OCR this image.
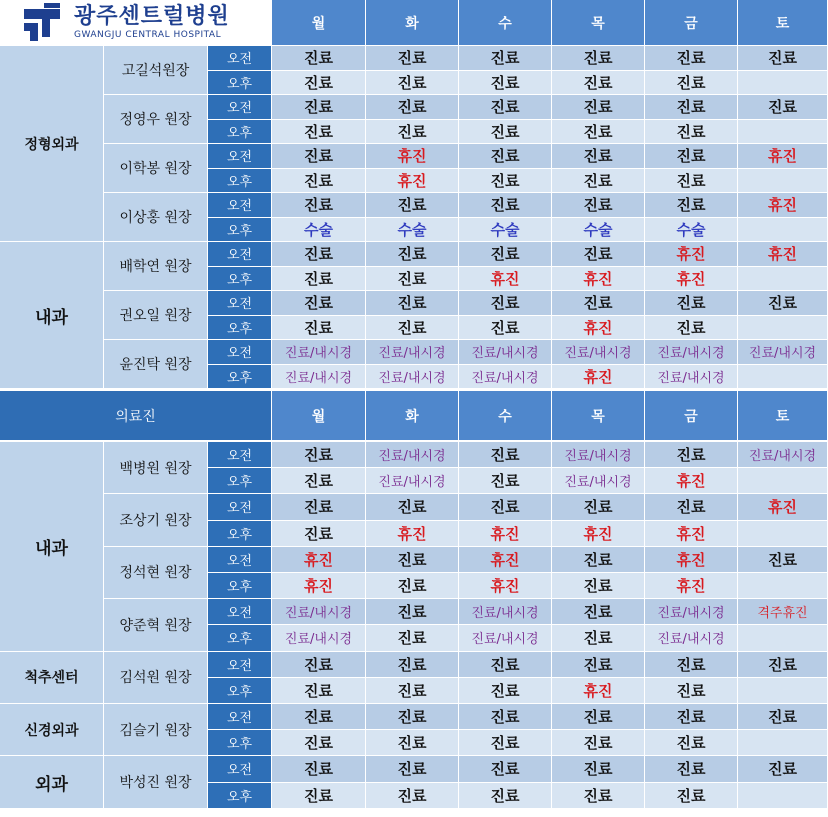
광주센트럴병원
GWANGJU CENTRAL HOSPITAL
월	화	수	목	금	토
정형외과
고길석원장
오전	진료	진료	진료	진료	진료	진료
오후	진료	진료	진료	진료	진료
정영우 원장
오전	진료	진료	진료	진료	진료	진료
오후	진료	진료	진료	진료	진료
이학봉 원장
오전	진료	휴진	진료	진료	진료	휴진
오후	진료	휴진	진료	진료	진료
이상홍 원장
오전	진료	진료	진료	진료	진료	휴진
오후	수술	수술	수술	수술	수술
내과
배학연 원장
오전	진료	진료	진료	진료	휴진	휴진
오후	진료	진료	휴진	휴진	휴진
권오일 원장
오전	진료	진료	진료	진료	진료	진료
오후	진료	진료	진료	휴진	진료
윤진탁 원장
오전	진료/내시경	진료/내시경	진료/내시경	진료/내시경	진료/내시경	진료/내시경
오후	진료/내시경	진료/내시경	진료/내시경	휴진	진료/내시경
의료진	월	화	수	목	금	토
내과
백병원 원장
오전	진료	진료/내시경	진료	진료/내시경	진료	진료/내시경
오후	진료	진료/내시경	진료	진료/내시경	휴진
조상기 원장
오전	진료	진료	진료	진료	진료	휴진
오후	진료	휴진	휴진	휴진	휴진
정석현 원장
오전	휴진	진료	휴진	진료	휴진	진료
오후	휴진	진료	휴진	진료	휴진
양준혁 원장
오전	진료/내시경	진료	진료/내시경	진료	진료/내시경	격주휴진
오후	진료/내시경	진료	진료/내시경	진료	진료/내시경
척추센터	김석원 원장
오전	진료	진료	진료	진료	진료	진료
오후	진료	진료	진료	휴진	진료
신경외과	김슬기 원장
오전	진료	진료	진료	진료	진료	진료
오후	진료	진료	진료	진료	진료
외과	박성진 원장
오전	진료	진료	진료	진료	진료	진료
오후	진료	진료	진료	진료	진료
